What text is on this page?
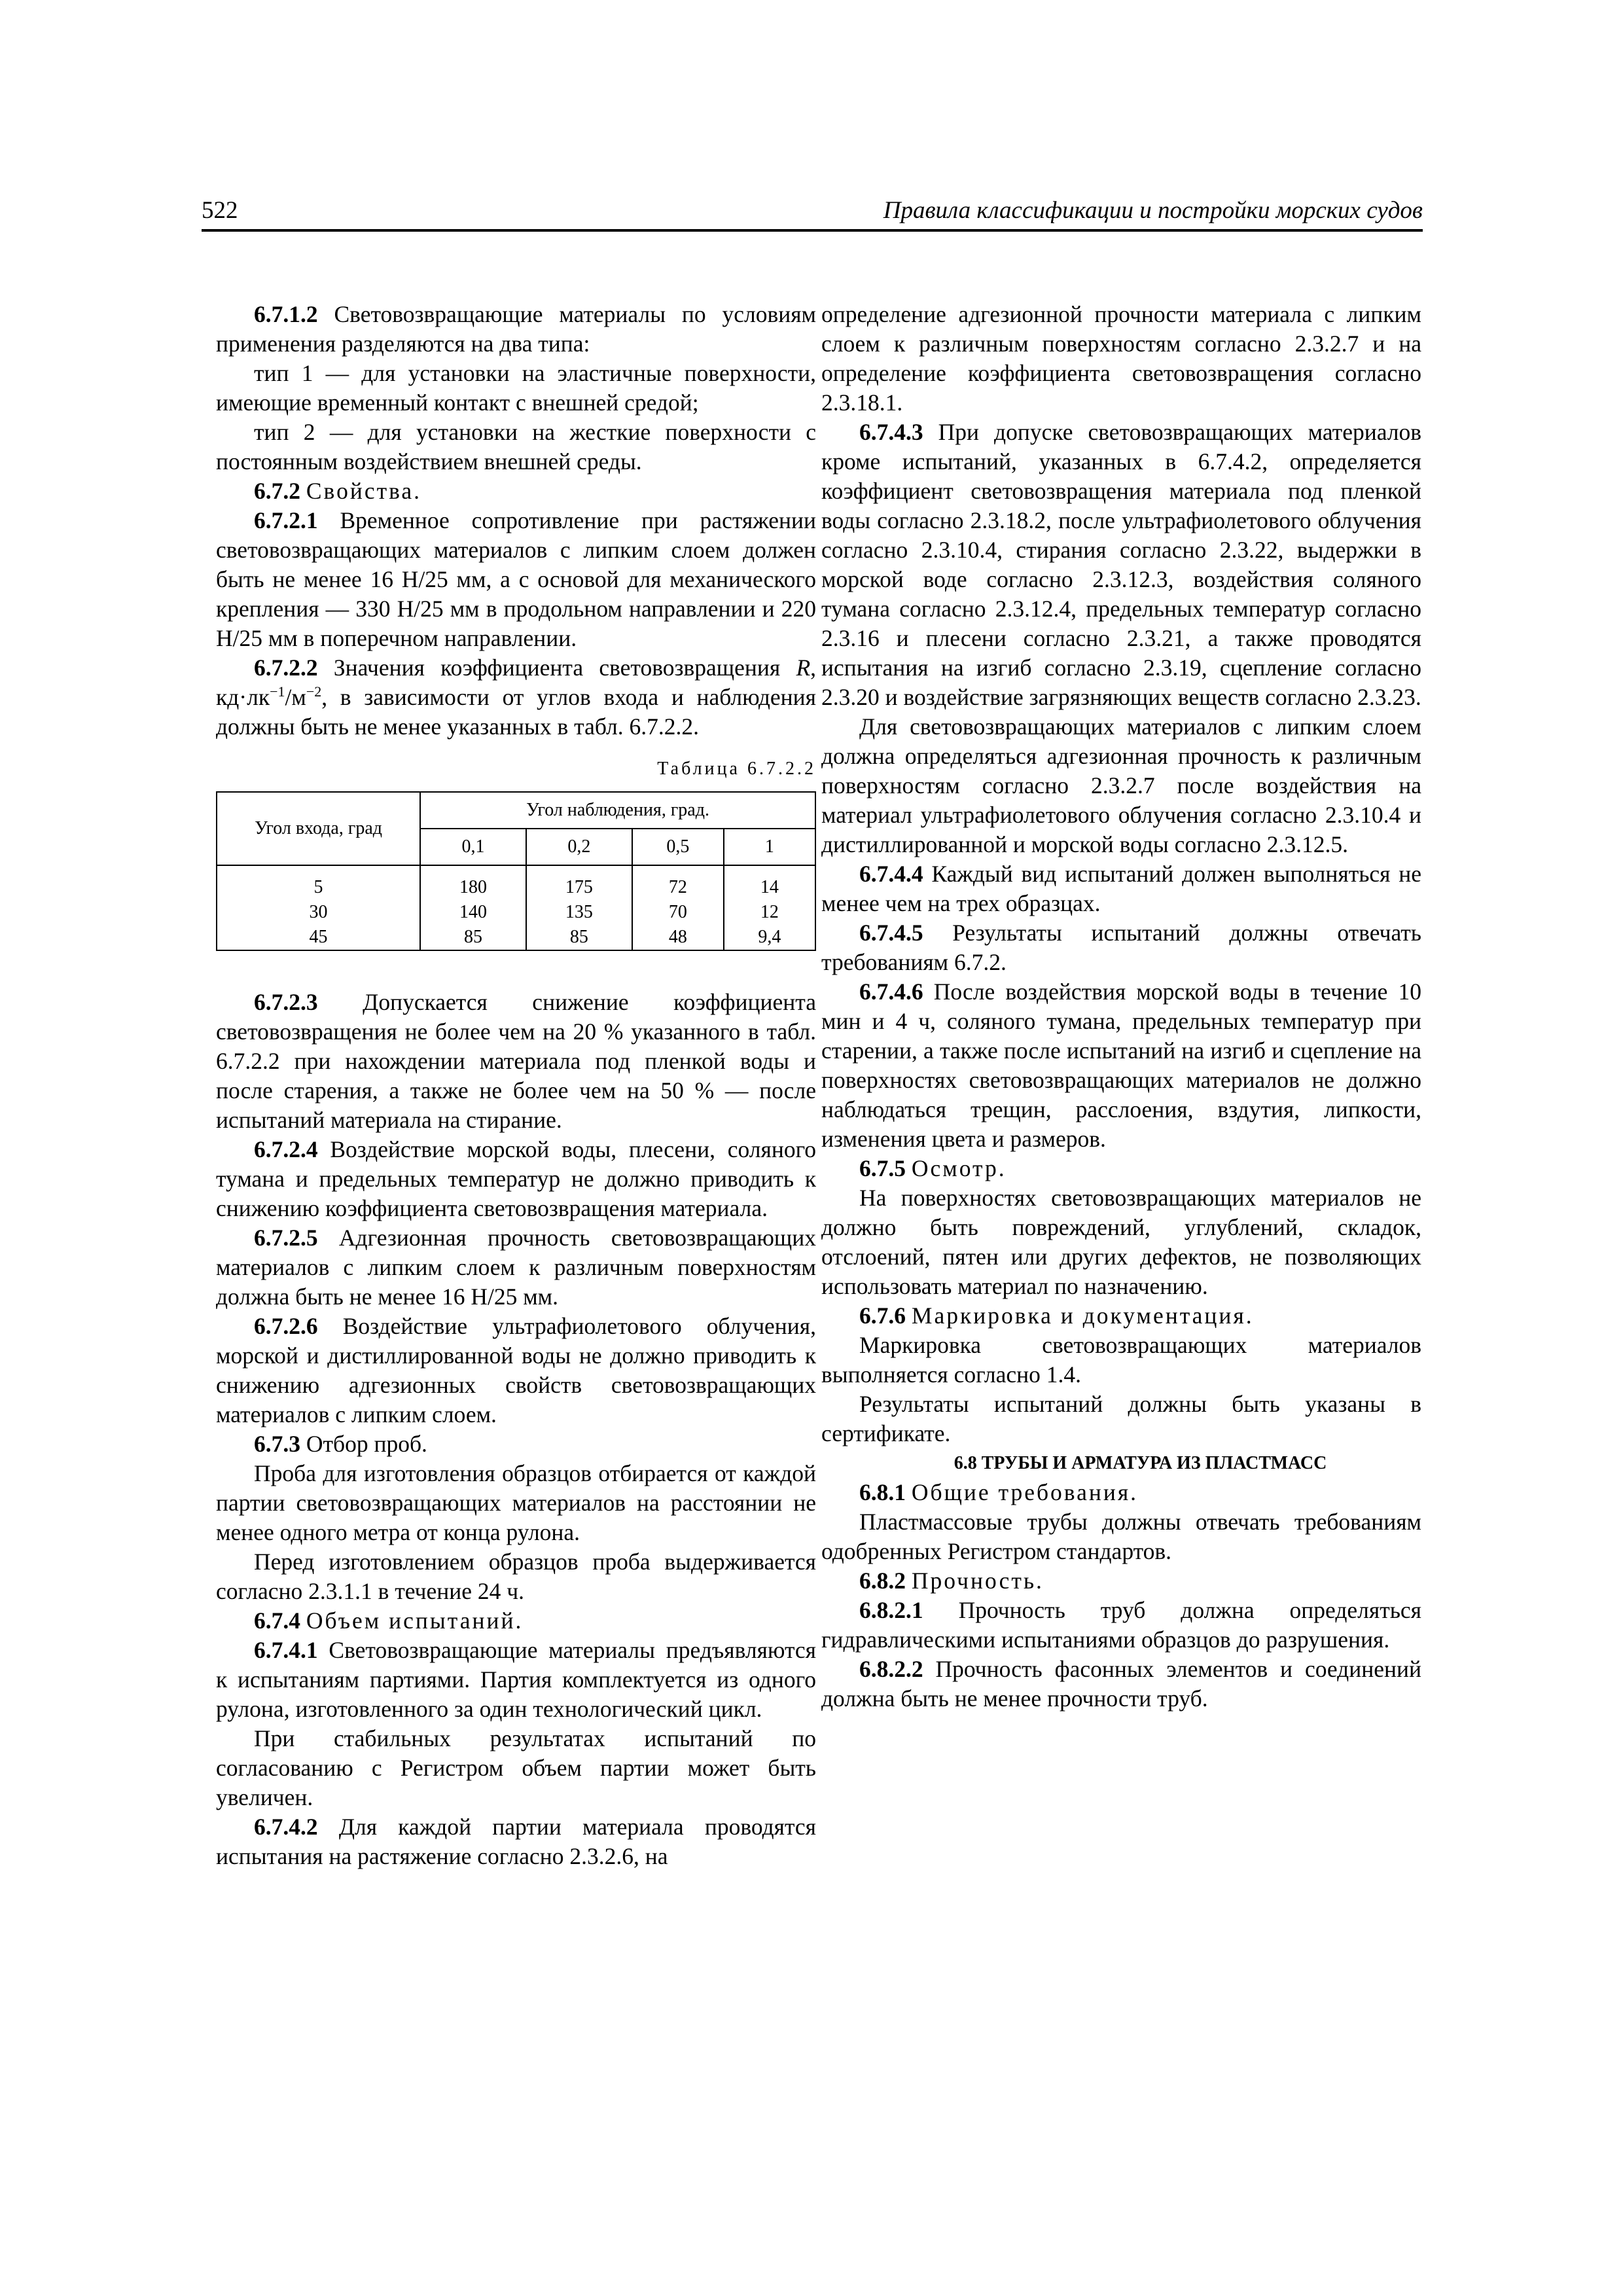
522	Правила классификации и постройки морских судов

6.7.1.2 Световозвращающие материалы по условиям применения разделяются на два типа:

тип 1 — для установки на эластичные поверхности, имеющие временный контакт с внешней средой;

тип 2 — для установки на жесткие поверхности с постоянным воздействием внешней среды.

6.7.2 Свойства.

6.7.2.1 Временное сопротивление при растяжении световозвращающих материалов с липким слоем должен быть не менее 16 Н/25 мм, а с основой для механического крепления — 330 Н/25 мм в продольном направлении и 220 Н/25 мм в поперечном направлении.

6.7.2.2 Значения коэффициента световозвращения R, $кд\cdot лк^{-1}/м^{-2}$, в зависимости от углов входа и наблюдения должны быть не менее указанных в табл. 6.7.2.2.

Таблица 6.7.2.2
Угол входа, град	Угол наблюдения, град.			
	0,1	0,2	0,5	1
5	180	175	72	14
30	140	135	70	12
45	85	85	48	9,4

6.7.2.3 Допускается снижение коэффициента световозвращения не более чем на 20 % указанного в табл. 6.7.2.2 при нахождении материала под пленкой воды и после старения, а также не более чем на 50 % — после испытаний материала на стирание.

6.7.2.4 Воздействие морской воды, плесени, соляного тумана и предельных температур не должно приводить к снижению коэффициента световозвращения материала.

6.7.2.5 Адгезионная прочность световозвращающих материалов с липким слоем к различным поверхностям должна быть не менее 16 Н/25 мм.

6.7.2.6 Воздействие ультрафиолетового облучения, морской и дистиллированной воды не должно приводить к снижению адгезионных свойств световозвращающих материалов с липким слоем.

6.7.3 Отбор проб.

Проба для изготовления образцов отбирается от каждой партии световозвращающих материалов на расстоянии не менее одного метра от конца рулона.

Перед изготовлением образцов проба выдерживается согласно 2.3.1.1 в течение 24 ч.

6.7.4 Объем испытаний.

6.7.4.1 Световозвращающие материалы предъявляются к испытаниям партиями. Партия комплектуется из одного рулона, изготовленного за один технологический цикл.

При стабильных результатах испытаний по согласованию с Регистром объем партии может быть увеличен.

6.7.4.2 Для каждой партии материала проводятся испытания на растяжение согласно 2.3.2.6, на

определение адгезионной прочности материала с липким слоем к различным поверхностям согласно 2.3.2.7 и на определение коэффициента световозвращения согласно 2.3.18.1.

6.7.4.3 При допуске световозвращающих материалов кроме испытаний, указанных в 6.7.4.2, определяется коэффициент световозвращения материала под пленкой воды согласно 2.3.18.2, после ультрафиолетового облучения согласно 2.3.10.4, стирания согласно 2.3.22, выдержки в морской воде согласно 2.3.12.3, воздействия соляного тумана согласно 2.3.12.4, предельных температур согласно 2.3.16 и плесени согласно 2.3.21, а также проводятся испытания на изгиб согласно 2.3.19, сцепление согласно 2.3.20 и воздействие загрязняющих веществ согласно 2.3.23.

Для световозвращающих материалов с липким слоем должна определяться адгезионная прочность к различным поверхностям согласно 2.3.2.7 после воздействия на материал ультрафиолетового облучения согласно 2.3.10.4 и дистиллированной и морской воды согласно 2.3.12.5.

6.7.4.4 Каждый вид испытаний должен выполняться не менее чем на трех образцах.

6.7.4.5 Результаты испытаний должны отвечать требованиям 6.7.2.

6.7.4.6 После воздействия морской воды в течение 10 мин и 4 ч, соляного тумана, предельных температур при старении, а также после испытаний на изгиб и сцепление на поверхностях световозвращающих материалов не должно наблюдаться трещин, расслоения, вздутия, липкости, изменения цвета и размеров.

6.7.5 Осмотр.

На поверхностях световозвращающих материалов не должно быть повреждений, углублений, складок, отслоений, пятен или других дефектов, не позволяющих использовать материал по назначению.

6.7.6 Маркировка и документация.

Маркировка световозвращающих материалов выполняется согласно 1.4.

Результаты испытаний должны быть указаны в сертификате.

6.8 ТРУБЫ И АРМАТУРА ИЗ ПЛАСТМАСС

6.8.1 Общие требования.

Пластмассовые трубы должны отвечать требованиям одобренных Регистром стандартов.

6.8.2 Прочность.

6.8.2.1 Прочность труб должна определяться гидравлическими испытаниями образцов до разрушения.

6.8.2.2 Прочность фасонных элементов и соединений должна быть не менее прочности труб.
